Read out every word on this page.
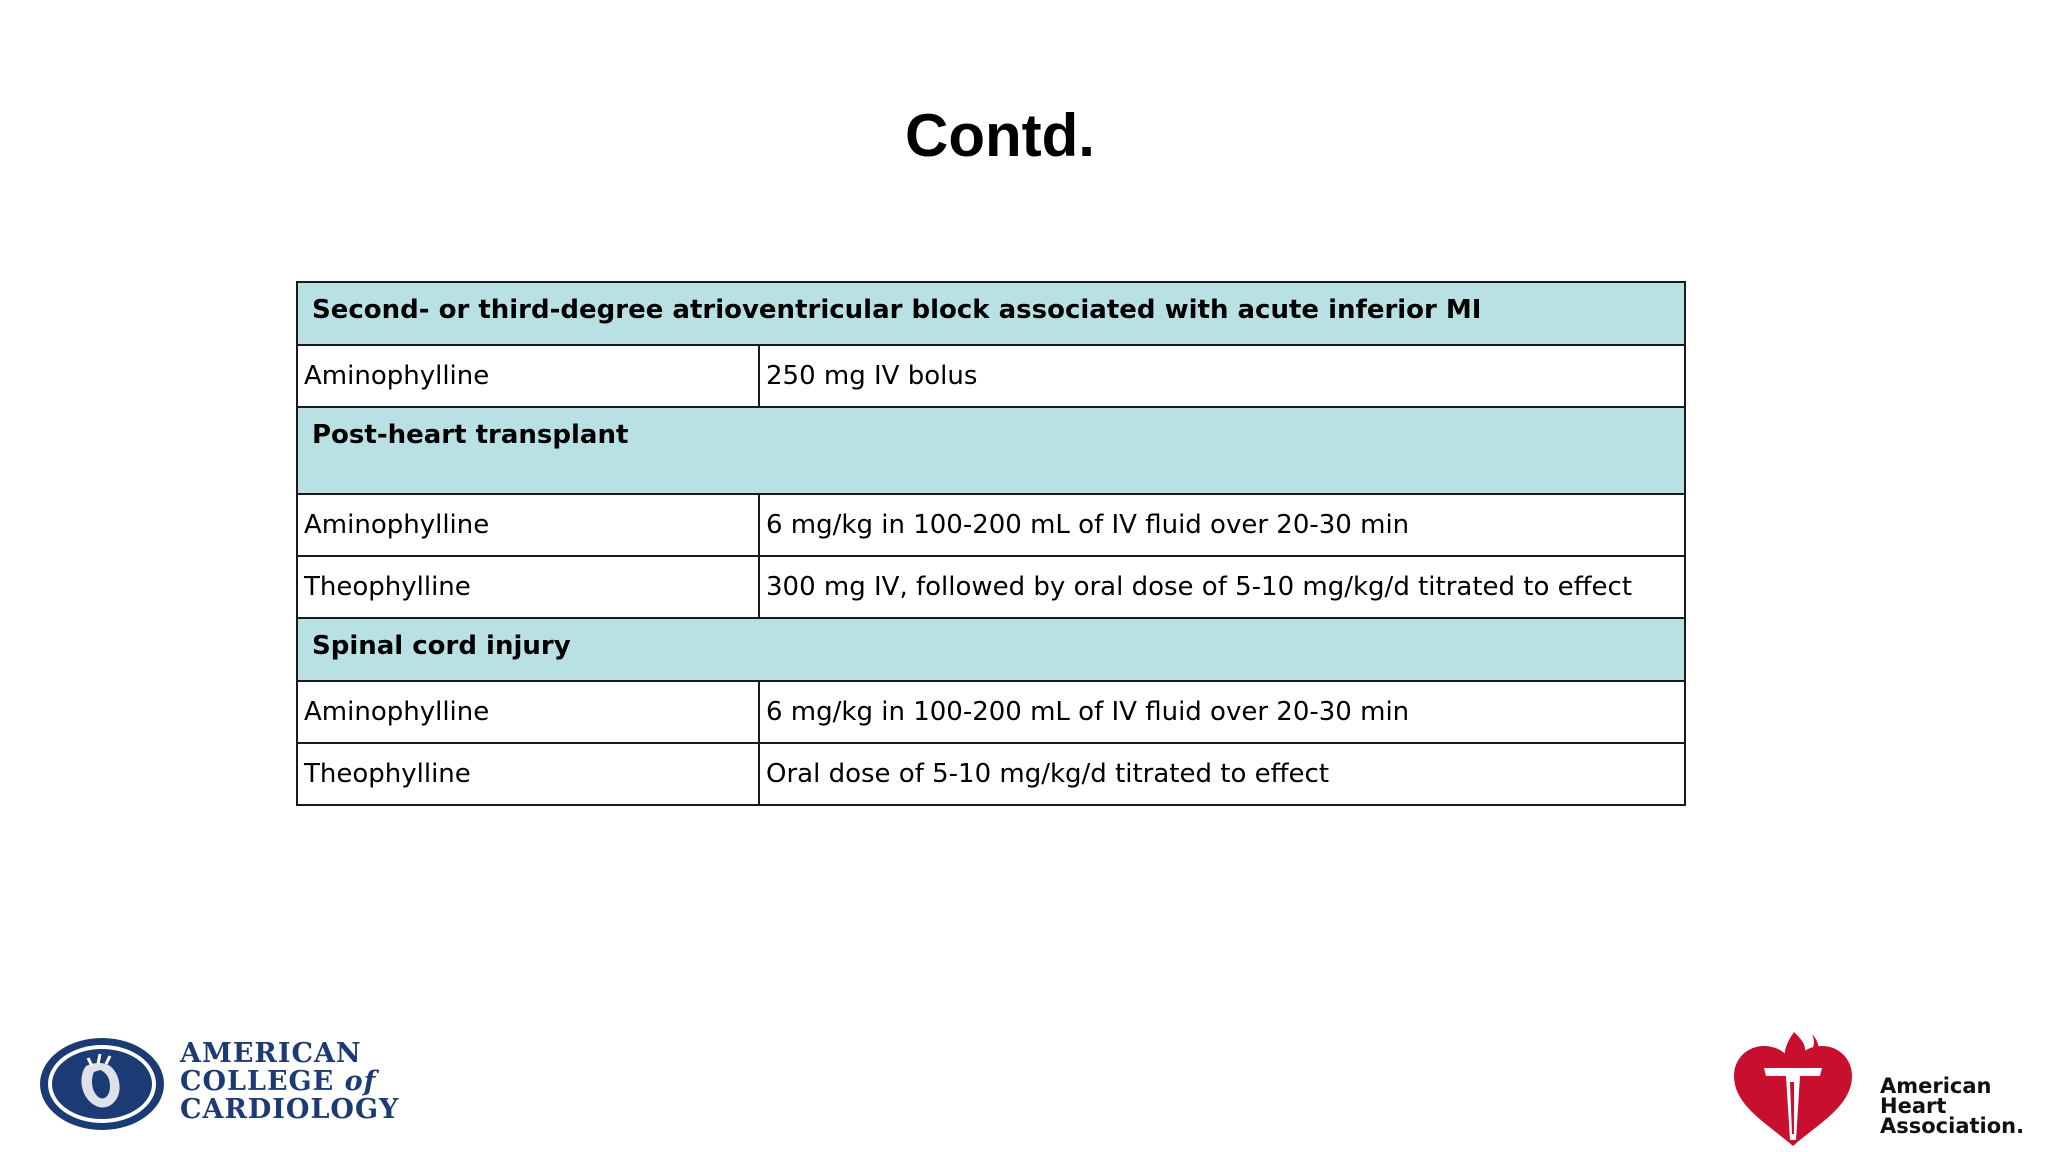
Contd.
Second- or third-degree atrioventricular block associated with acute inferior MI	
Aminophylline	250 mg IV bolus
Post-heart transplant	
Aminophylline	6 mg/kg in 100-200 mL of IV fluid over 20-30 min
Theophylline	300 mg IV, followed by oral dose of 5-10 mg/kg/d titrated to effect
Spinal cord injury	
Aminophylline	6 mg/kg in 100-200 mL of IV fluid over 20-30 min
Theophylline	Oral dose of 5-10 mg/kg/d titrated to effect
AMERICAN
COLLEGE of
CARDIOLOGY
American
Heart
Association.
